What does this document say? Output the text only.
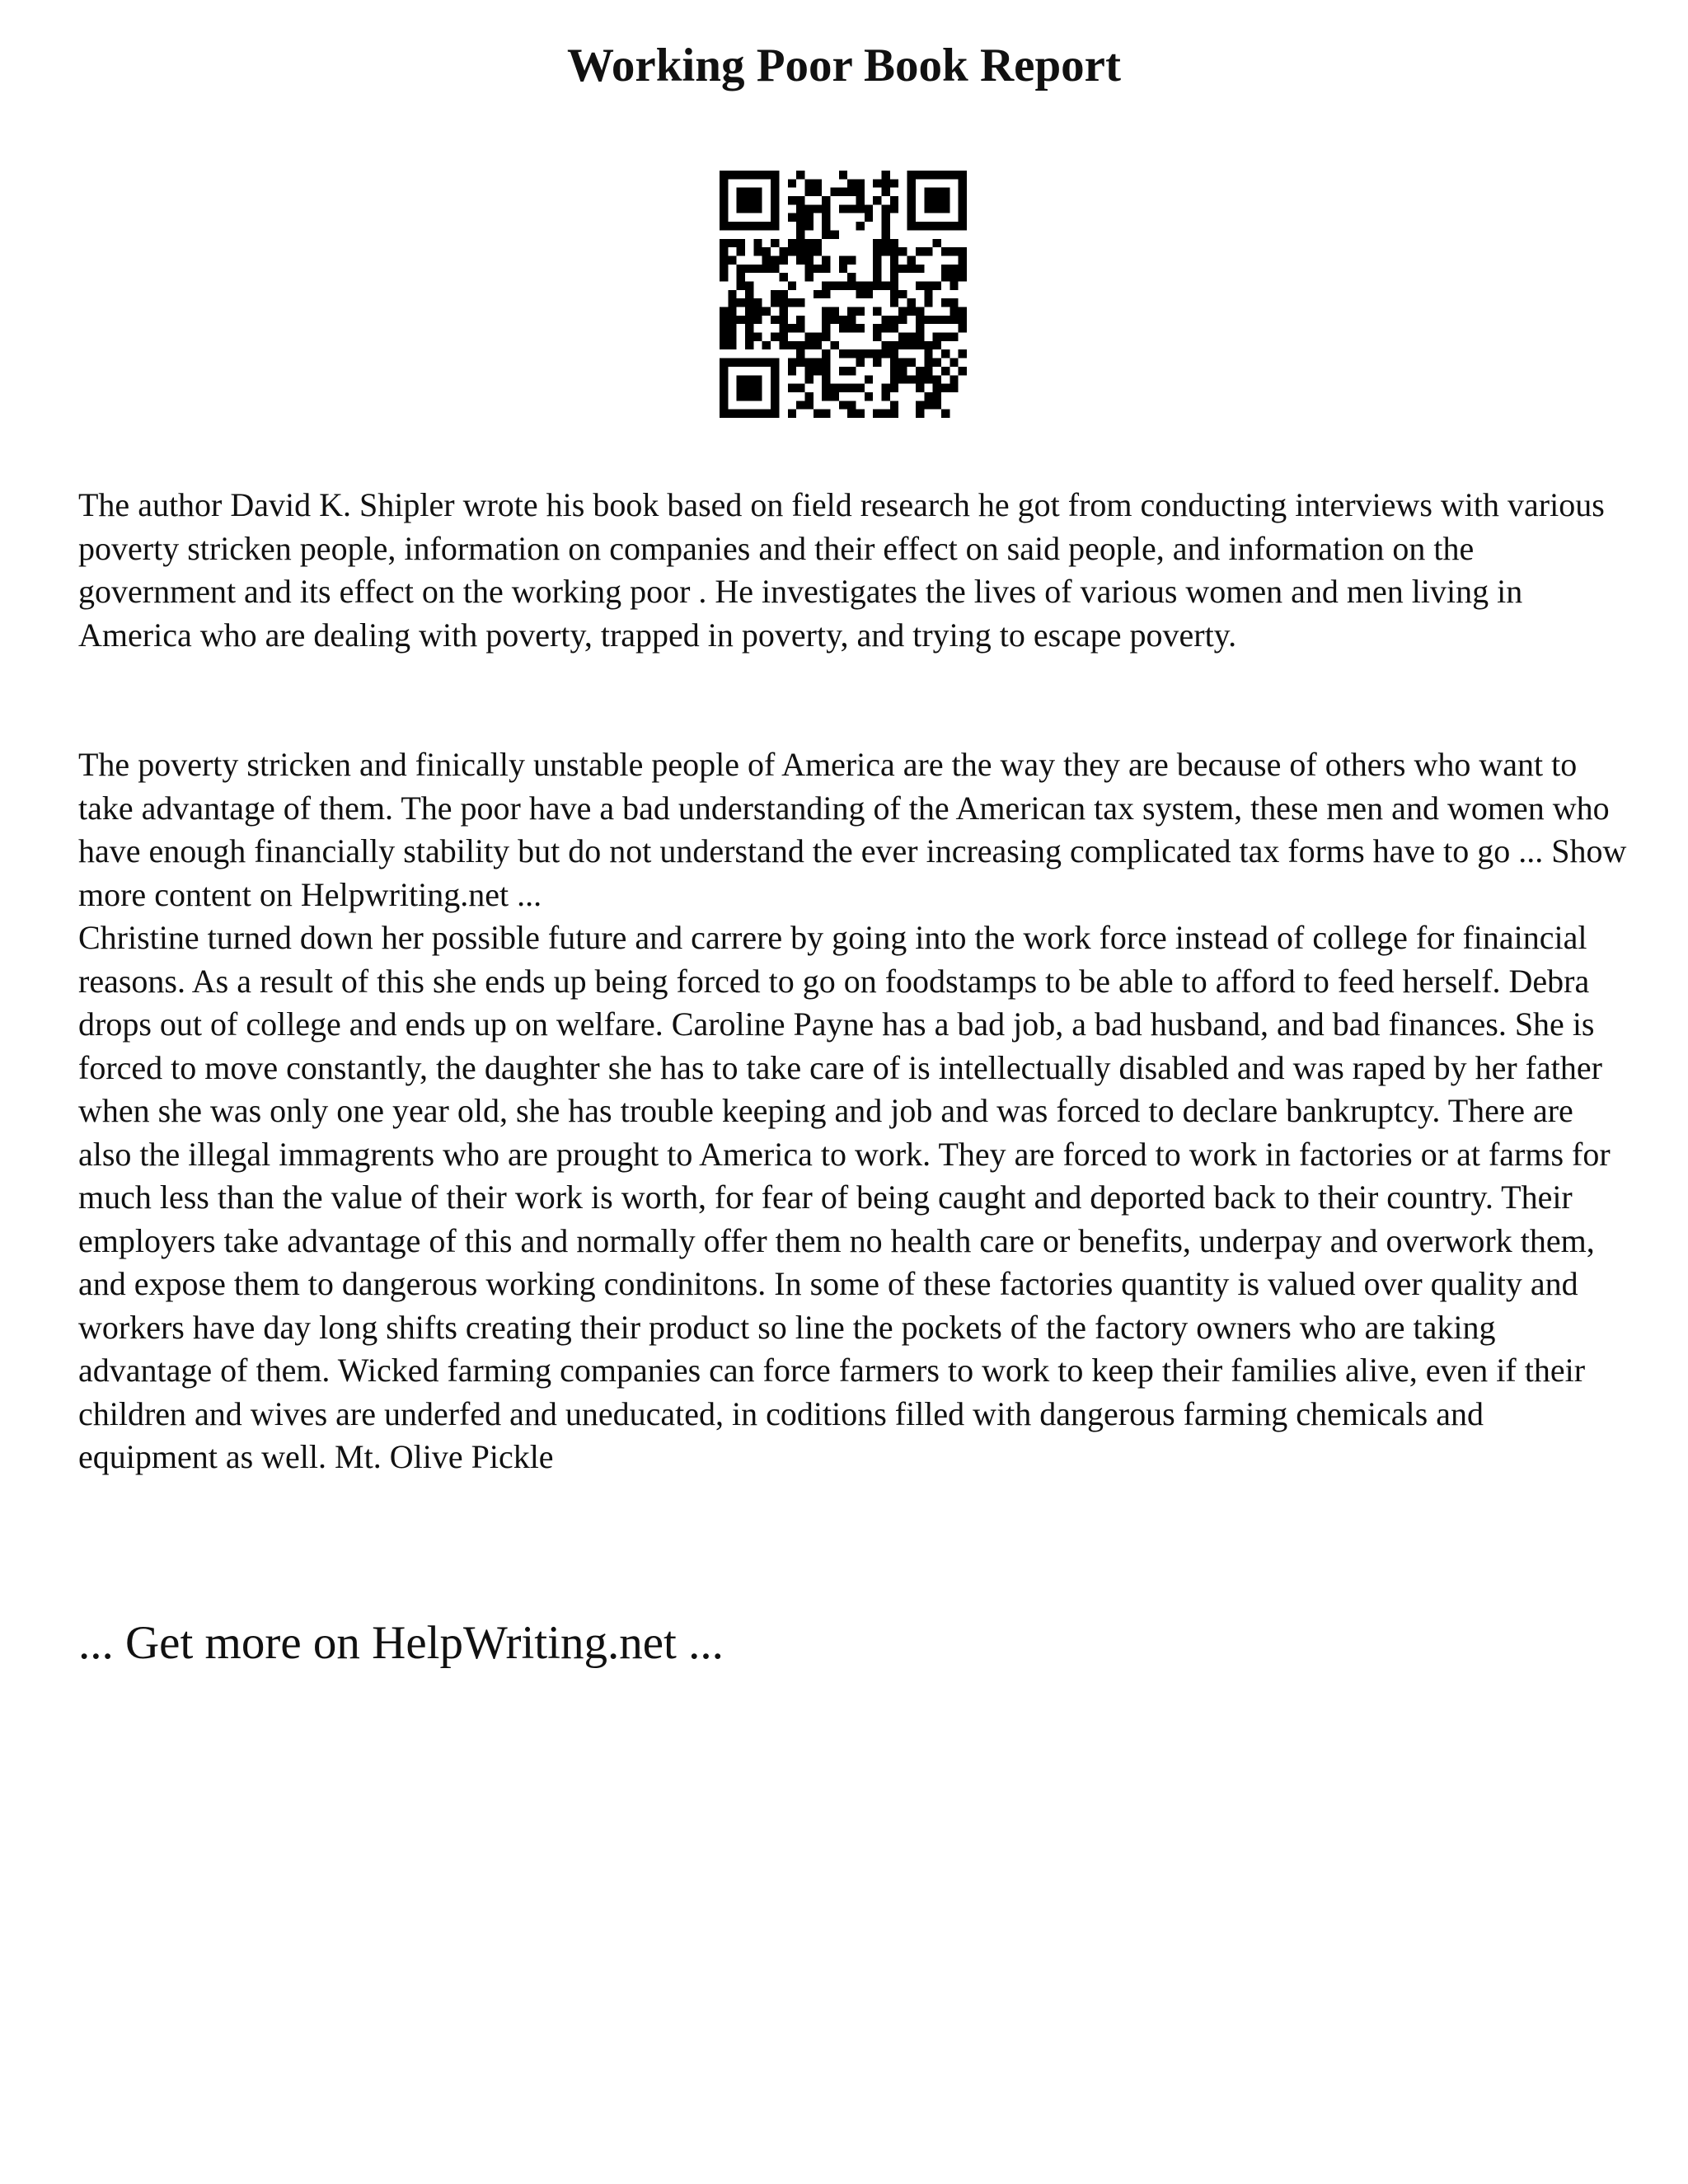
Working Poor Book Report

The author David K. Shipler wrote his book based on field research he got from conducting interviews with various poverty stricken people, information on companies and their effect on said people, and information on the government and its effect on the working poor . He investigates the lives of various women and men living in America who are dealing with poverty, trapped in poverty, and trying to escape poverty.

The poverty stricken and finically unstable people of America are the way they are because of others who want to take advantage of them. The poor have a bad understanding of the American tax system, these men and women who have enough financially stability but do not understand the ever increasing complicated tax forms have to go ... Show more content on Helpwriting.net ...

Christine turned down her possible future and carrere by going into the work force instead of college for finaincial reasons. As a result of this she ends up being forced to go on foodstamps to be able to afford to feed herself. Debra drops out of college and ends up on welfare. Caroline Payne has a bad job, a bad husband, and bad finances. She is forced to move constantly, the daughter she has to take care of is intellectually disabled and was raped by her father when she was only one year old, she has trouble keeping and job and was forced to declare bankruptcy. There are also the illegal immagrents who are prought to America to work. They are forced to work in factories or at farms for much less than the value of their work is worth, for fear of being caught and deported back to their country. Their employers take advantage of this and normally offer them no health care or benefits, underpay and overwork them, and expose them to dangerous working condinitons. In some of these factories quantity is valued over quality and workers have day long shifts creating their product so line the pockets of the factory owners who are taking advantage of them. Wicked farming companies can force farmers to work to keep their families alive, even if their children and wives are underfed and uneducated, in coditions filled with dangerous farming chemicals and equipment as well. Mt. Olive Pickle

... Get more on HelpWriting.net ...
